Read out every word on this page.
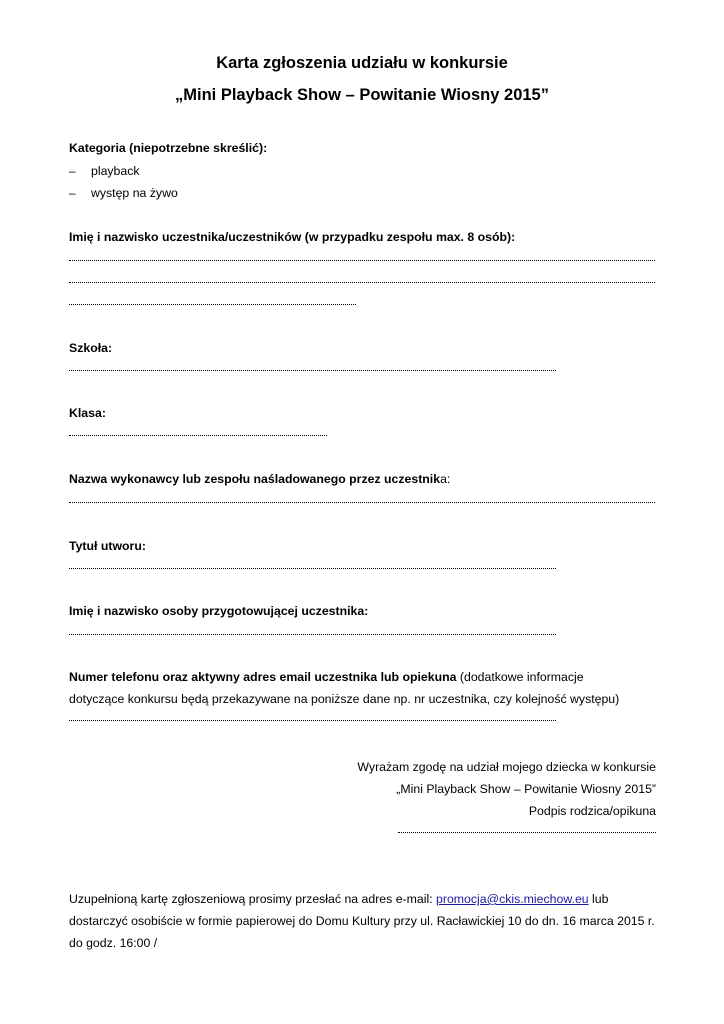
Karta zgłoszenia udziału w konkursie
„Mini Playback Show – Powitanie Wiosny 2015”
Kategoria (niepotrzebne skreślić):
– playback
– występ na żywo
Imię i nazwisko uczestnika/uczestników (w przypadku zespołu max. 8 osób):
Szkoła:
Klasa:
Nazwa wykonawcy lub zespołu naśladowanego przez uczestnika:
Tytuł utworu:
Imię i nazwisko osoby przygotowującej uczestnika:
Numer telefonu oraz aktywny adres email uczestnika lub opiekuna (dodatkowe informacje
dotyczące konkursu będą przekazywane na poniższe dane np. nr uczestnika, czy kolejność występu)
Wyrażam zgodę na udział mojego dziecka w konkursie
„Mini Playback Show – Powitanie Wiosny 2015”
Podpis rodzica/opikuna
Uzupełnioną kartę zgłoszeniową prosimy przesłać na adres e-mail: promocja@ckis.miechow.eu lub
dostarczyć osobiście w formie papierowej do Domu Kultury przy ul. Racławickiej 10 do dn. 16 marca 2015 r.
do godz. 16:00 /
